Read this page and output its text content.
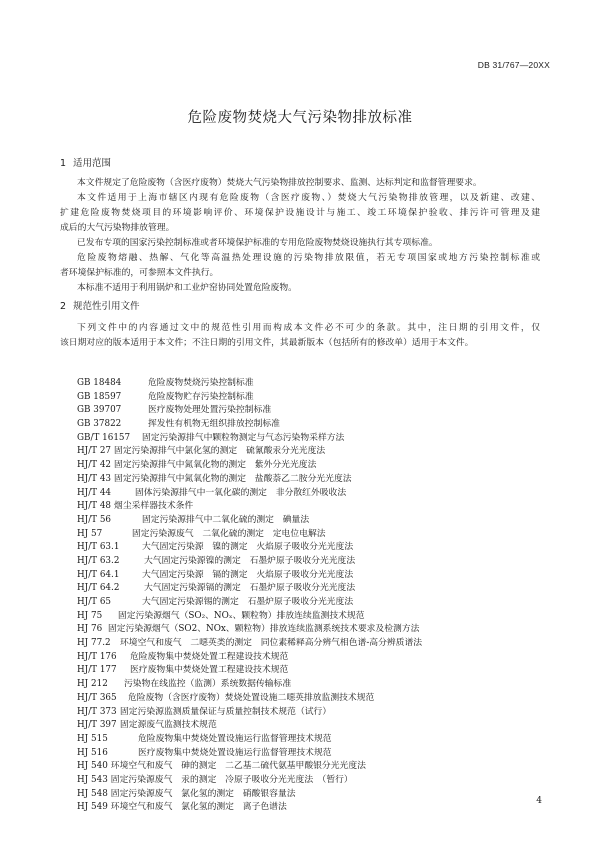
DB 31/767—20XX
危险废物焚烧大气污染物排放标准
1 适用范围
本文件规定了危险废物（含医疗废物）焚烧大气污染物排放控制要求、监测、达标判定和监督管理要求。
本文件适用于上海市辖区内现有危险废物（含医疗废物、）焚烧大气污染物排放管理，以及新建、改建、
扩建危险废物焚烧项目的环境影响评价、环境保护设施设计与施工、竣工环境保护验收、排污许可管理及建
成后的大气污染物排放管理。
已发布专项的国家污染控制标准或者环境保护标准的专用危险废物焚烧设施执行其专项标准。
危险废物熔融、热解、气化等高温热处理设施的污染物排放限值，若无专项国家或地方污染控制标准或
者环境保护标准的，可参照本文件执行。
本标准不适用于利用锅炉和工业炉窑协同处置危险废物。
2 规范性引用文件
下列文件中的内容通过文中的规范性引用而构成本文件必不可少的条款。其中，注日期的引用文件，仅
该日期对应的版本适用于本文件；不注日期的引用文件，其最新版本（包括所有的修改单）适用于本文件。
GB 18484	危险废物焚烧污染控制标准
GB 18597	危险废物贮存污染控制标准
GB 39707	医疗废物处理处置污染控制标准
GB 37822	挥发性有机物无组织排放控制标准
GB/T 16157 固定污染源排气中颗粒物测定与气态污染物采样方法
HJ/T 27 固定污染源排气中氯化氢的测定　硫氰酸汞分光光度法
HJ/T 42 固定污染源排气中氮氧化物的测定　紫外分光光度法
HJ/T 43 固定污染源排气中氮氧化物的测定　盐酸萘乙二胺分光光度法
HJ/T 44	固体污染源排气中一氧化碳的测定　非分散红外吸收法
HJ/T 48 烟尘采样器技术条件
HJ/T 56	固定污染源排气中二氧化硫的测定　碘量法
HJ 57	固定污染源废气　二氧化硫的测定　定电位电解法
HJ/T 63.1	大气固定污染源　镍的测定　火焰原子吸收分光光度法
HJ/T 63.2	大气固定污染源镍的测定　石墨炉原子吸收分光光度法
HJ/T 64.1	大气固定污染源　镉的测定　火焰原子吸收分光光度法
HJ/T 64.2	大气固定污染源镉的测定　石墨炉原子吸收分光光度法
HJ/T 65	大气固定污染源锡的测定　石墨炉原子吸收分光光度法
HJ 75 固定污染源烟气（SO₂、NOₓ、颗粒物）排放连续监测技术规范
HJ 76 固定污染源烟气（SO2、NOx、颗粒物）排放连续监测系统技术要求及检测方法
HJ 77.2 环境空气和废气　二噁英类的测定　同位素稀释高分辨气相色谱-高分辨质谱法
HJ/T 176 危险废物集中焚烧处置工程建设技术规范
HJ/T 177 医疗废物集中焚烧处置工程建设技术规范
HJ 212 污染物在线监控（监测）系统数据传输标准
HJ/T 365 危险废物（含医疗废物）焚烧处置设施二噁英排放监测技术规范
HJ/T 373 固定污染源监测质量保证与质量控制技术规范（试行）
HJ/T 397 固定源废气监测技术规范
HJ 515	危险废物集中焚烧处置设施运行监督管理技术规范
HJ 516	医疗废物集中焚烧处置设施运行监督管理技术规范
HJ 540 环境空气和废气　砷的测定　二乙基二硫代氨基甲酸银分光光度法
HJ 543 固定污染源废气　汞的测定　冷原子吸收分光光度法　（暂行）
HJ 548 固定污染源废气　氯化氢的测定　硝酸银容量法
HJ 549 环境空气和废气　氯化氢的测定　离子色谱法
4
